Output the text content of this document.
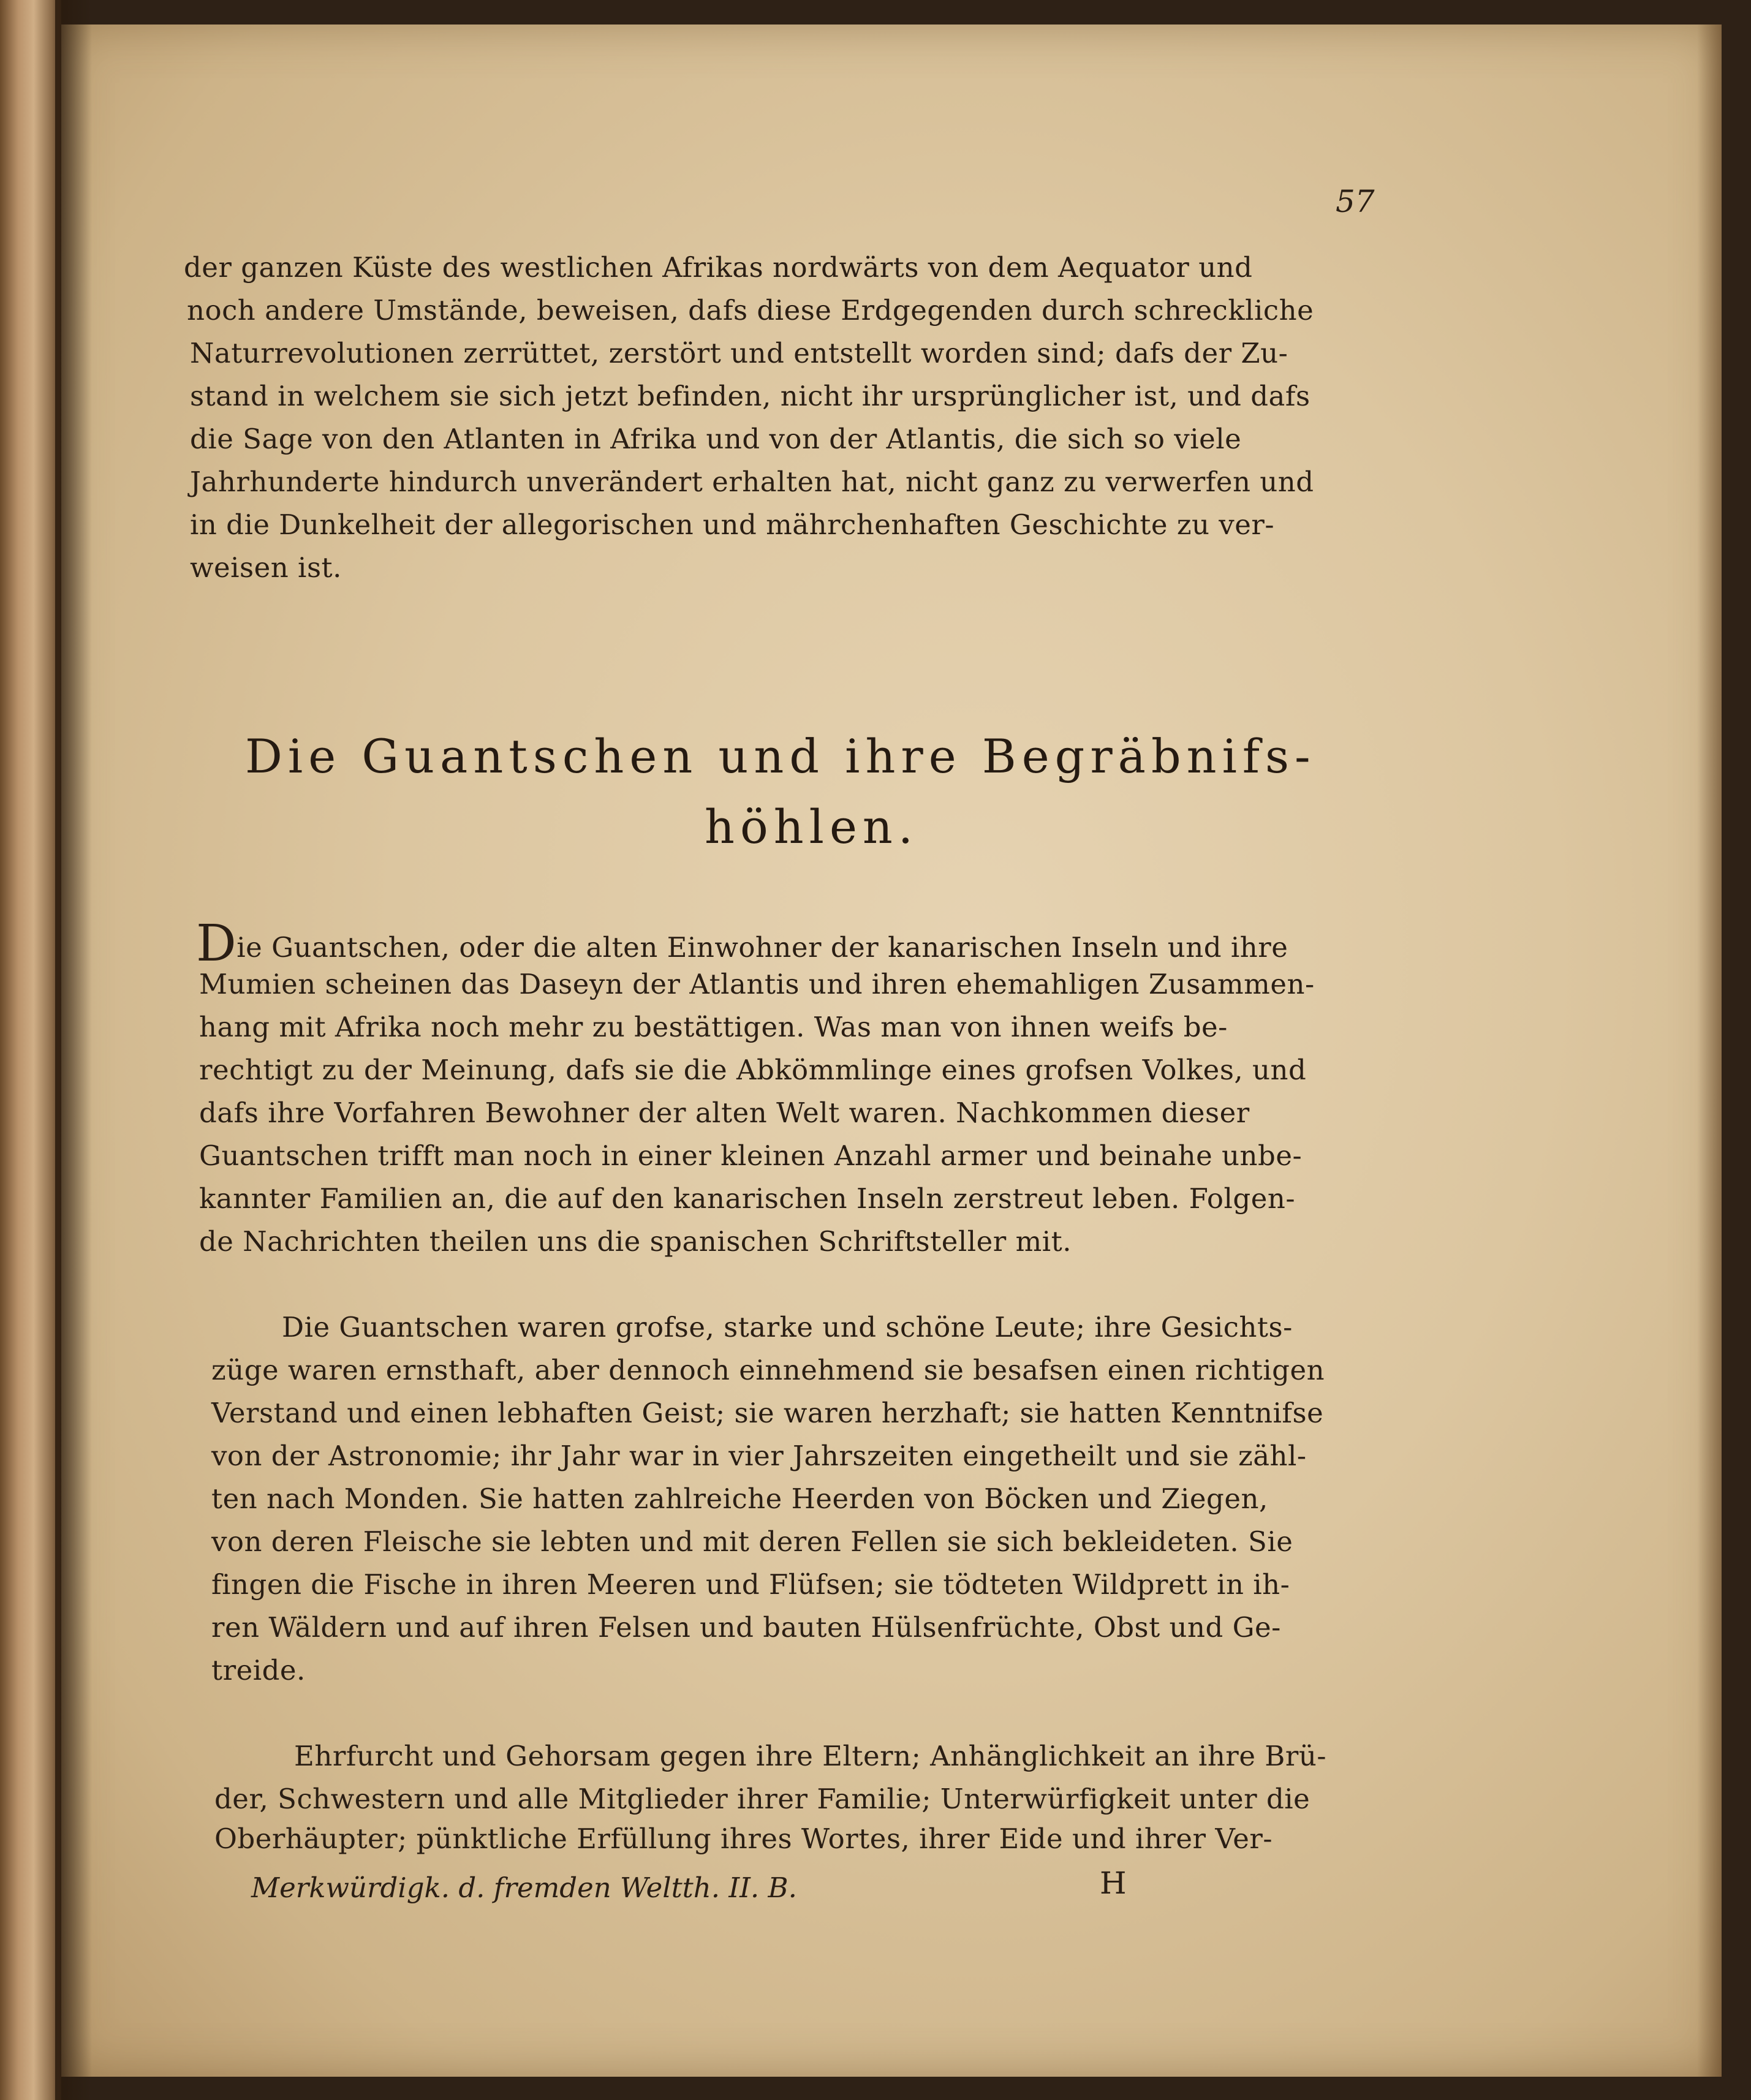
57
der ganzen Küste des westlichen Afrikas nordwärts von dem Aequator und
noch andere Umstände, beweisen, dafs diese Erdgegenden durch schreckliche
Naturrevolutionen zerrüttet, zerstört und entstellt worden sind; dafs der Zu-
stand in welchem sie sich jetzt befinden, nicht ihr ursprünglicher ist, und dafs
die Sage von den Atlanten in Afrika und von der Atlantis, die sich so viele
Jahrhunderte hindurch unverändert erhalten hat, nicht ganz zu verwerfen und
in die Dunkelheit der allegorischen und mährchenhaften Geschichte zu ver-
weisen ist.
Die Guantschen und ihre Begräbnifs-
höhlen.
Die Guantschen, oder die alten Einwohner der kanarischen Inseln und ihre
Mumien scheinen das Daseyn der Atlantis und ihren ehemahligen Zusammen-
hang mit Afrika noch mehr zu bestättigen. Was man von ihnen weifs be-
rechtigt zu der Meinung, dafs sie die Abkömmlinge eines grofsen Volkes, und
dafs ihre Vorfahren Bewohner der alten Welt waren. Nachkommen dieser
Guantschen trifft man noch in einer kleinen Anzahl armer und beinahe unbe-
kannter Familien an, die auf den kanarischen Inseln zerstreut leben. Folgen-
de Nachrichten theilen uns die spanischen Schriftsteller mit.
Die Guantschen waren grofse, starke und schöne Leute; ihre Gesichts-
züge waren ernsthaft, aber dennoch einnehmend sie besafsen einen richtigen
Verstand und einen lebhaften Geist; sie waren herzhaft; sie hatten Kenntnifse
von der Astronomie; ihr Jahr war in vier Jahrszeiten eingetheilt und sie zähl-
ten nach Monden. Sie hatten zahlreiche Heerden von Böcken und Ziegen,
von deren Fleische sie lebten und mit deren Fellen sie sich bekleideten. Sie
fingen die Fische in ihren Meeren und Flüfsen; sie tödteten Wildprett in ih-
ren Wäldern und auf ihren Felsen und bauten Hülsenfrüchte, Obst und Ge-
treide.
Ehrfurcht und Gehorsam gegen ihre Eltern; Anhänglichkeit an ihre Brü-
der, Schwestern und alle Mitglieder ihrer Familie; Unterwürfigkeit unter die
Oberhäupter; pünktliche Erfüllung ihres Wortes, ihrer Eide und ihrer Ver-
Merkwürdigk. d. fremden Weltth. II. B.	H
